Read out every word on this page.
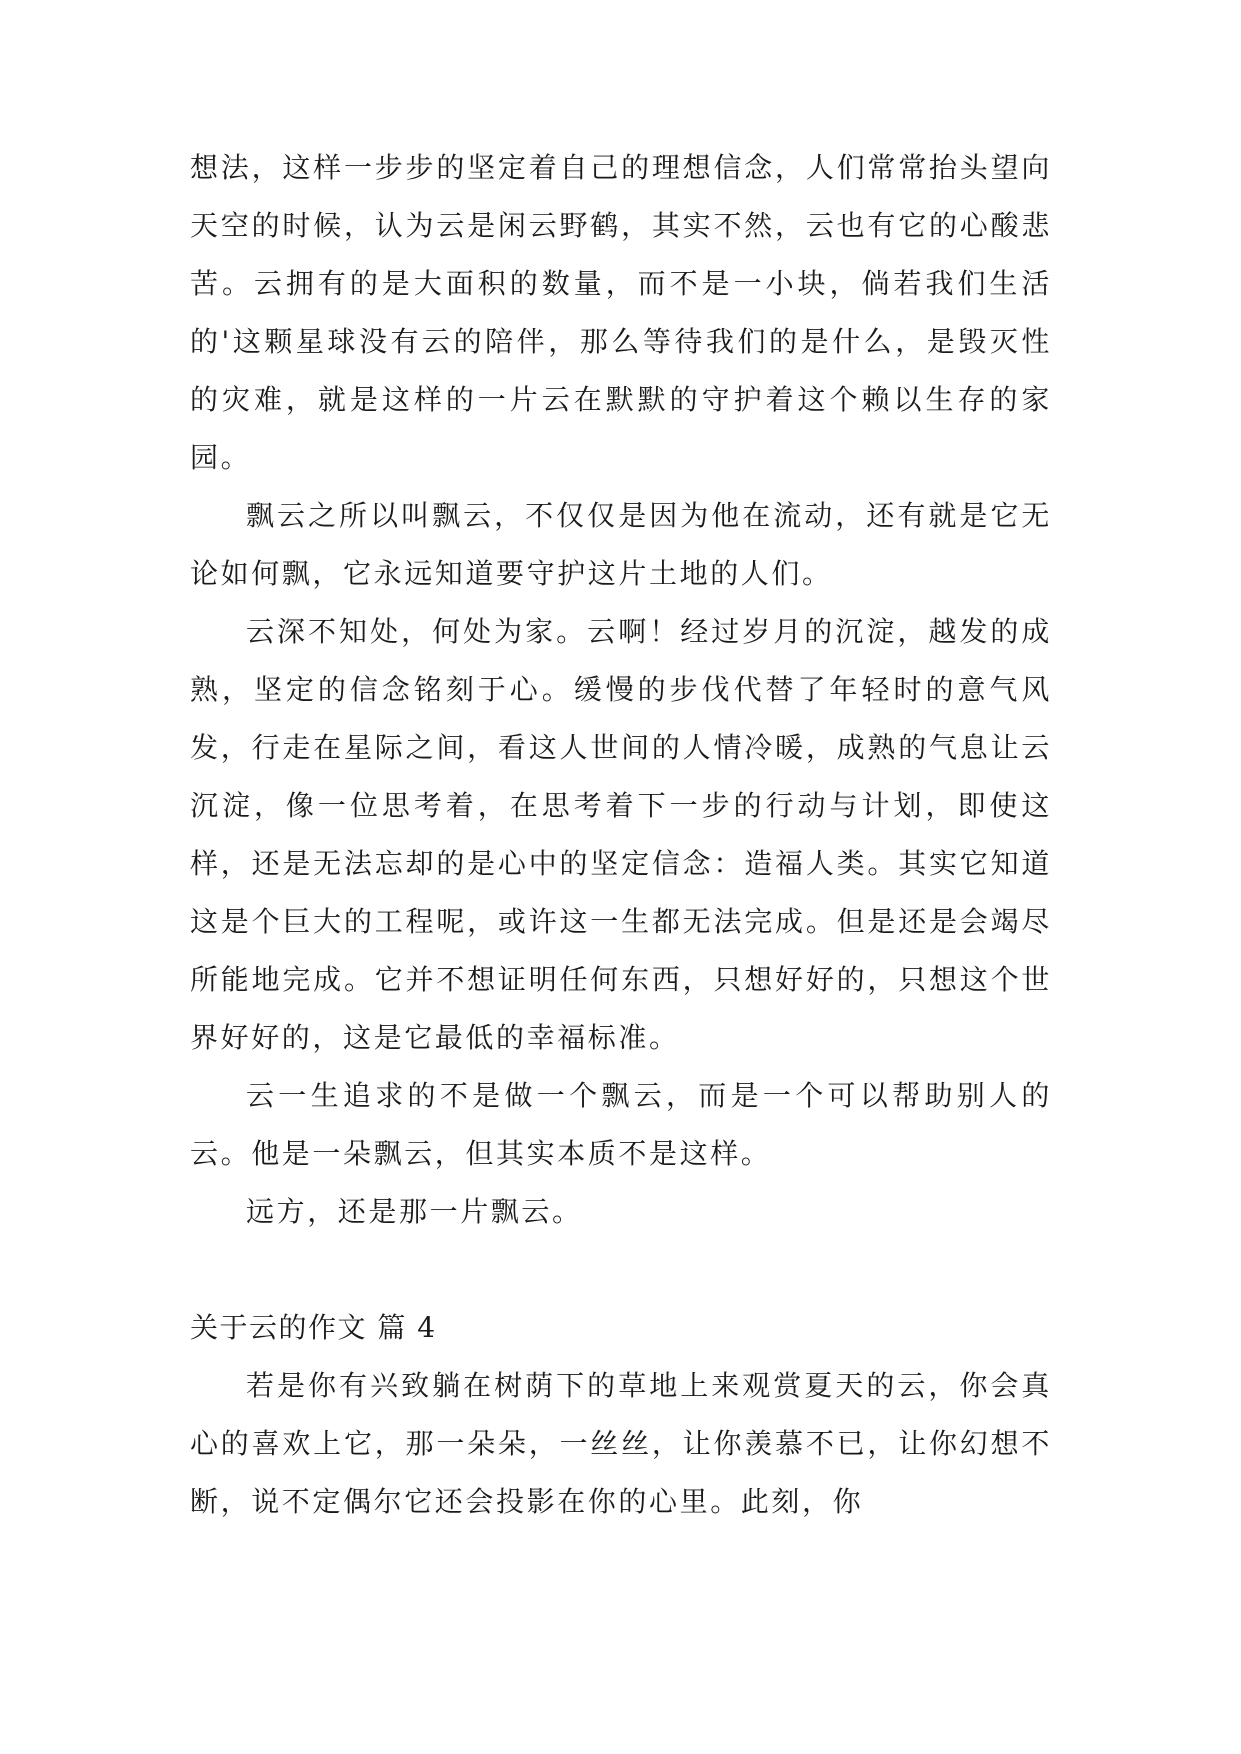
想法，这样一步步的坚定着自己的理想信念，人们常常抬头望向天空的时候，认为云是闲云野鹤，其实不然，云也有它的心酸悲苦。云拥有的是大面积的数量，而不是一小块，倘若我们生活的'这颗星球没有云的陪伴，那么等待我们的是什么，是毁灭性的灾难，就是这样的一片云在默默的守护着这个赖以生存的家园。

飘云之所以叫飘云，不仅仅是因为他在流动，还有就是它无论如何飘，它永远知道要守护这片土地的人们。

云深不知处，何处为家。云啊！经过岁月的沉淀，越发的成熟，坚定的信念铭刻于心。缓慢的步伐代替了年轻时的意气风发，行走在星际之间，看这人世间的人情冷暖，成熟的气息让云沉淀，像一位思考着，在思考着下一步的行动与计划，即使这样，还是无法忘却的是心中的坚定信念：造福人类。其实它知道这是个巨大的工程呢，或许这一生都无法完成。但是还是会竭尽所能地完成。它并不想证明任何东西，只想好好的，只想这个世界好好的，这是它最低的幸福标准。

云一生追求的不是做一个飘云，而是一个可以帮助别人的云。他是一朵飘云，但其实本质不是这样。

远方，还是那一片飘云。

关于云的作文 篇 4

若是你有兴致躺在树荫下的草地上来观赏夏天的云，你会真心的喜欢上它，那一朵朵，一丝丝，让你羡慕不已，让你幻想不断，说不定偶尔它还会投影在你的心里。此刻，你
